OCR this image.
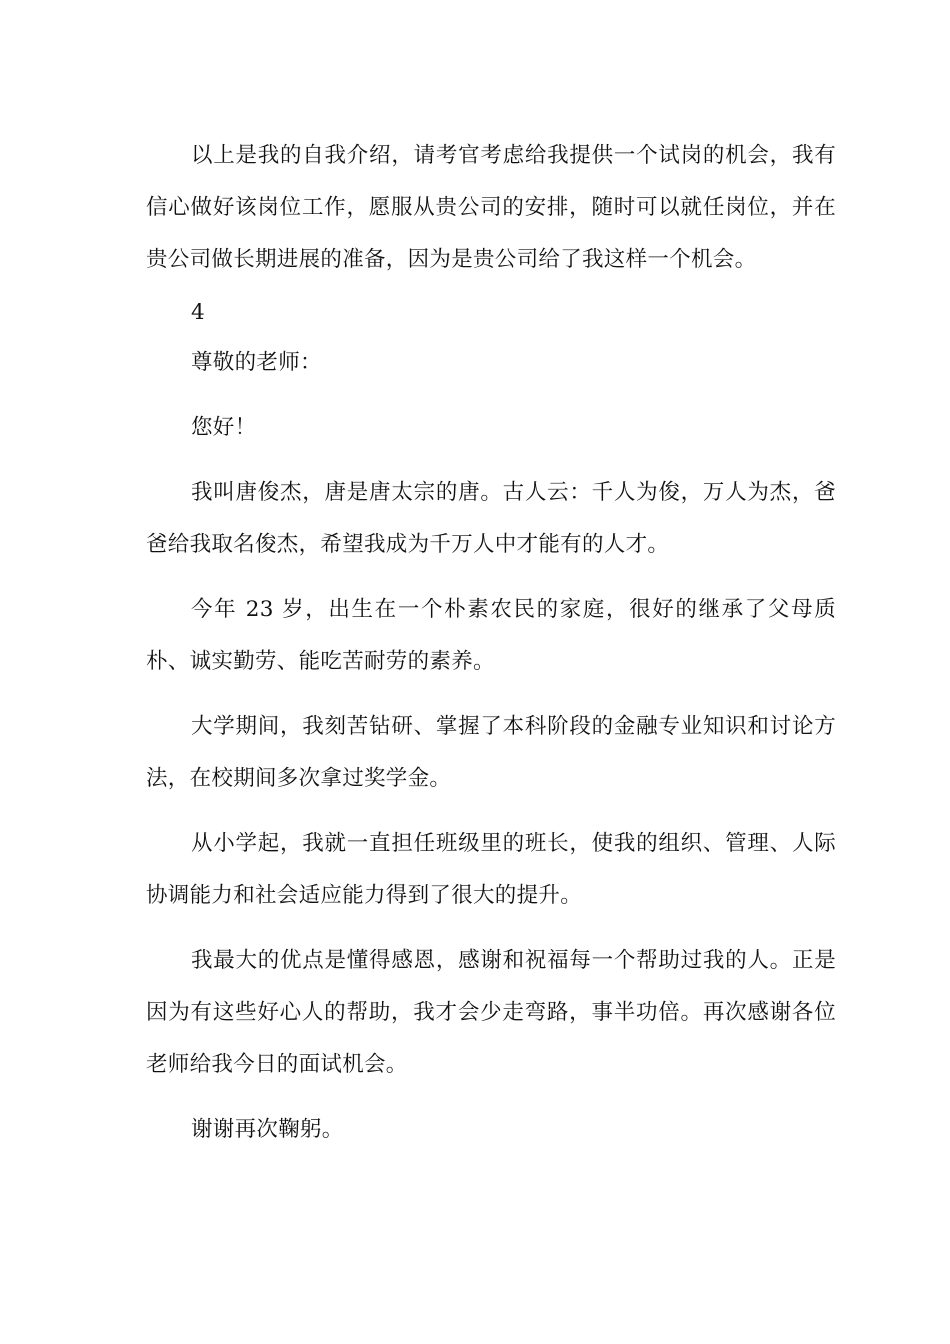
以上是我的自我介绍，请考官考虑给我提供一个试岗的机会，我有信心做好该岗位工作，愿服从贵公司的安排，随时可以就任岗位，并在贵公司做长期进展的准备，因为是贵公司给了我这样一个机会。

4

尊敬的老师：

您好！

我叫唐俊杰，唐是唐太宗的唐。古人云：千人为俊，万人为杰，爸爸给我取名俊杰，希望我成为千万人中才能有的人才。

今年 23 岁，出生在一个朴素农民的家庭，很好的继承了父母质朴、诚实勤劳、能吃苦耐劳的素养。

大学期间，我刻苦钻研、掌握了本科阶段的金融专业知识和讨论方法，在校期间多次拿过奖学金。

从小学起，我就一直担任班级里的班长，使我的组织、管理、人际协调能力和社会适应能力得到了很大的提升。

我最大的优点是懂得感恩，感谢和祝福每一个帮助过我的人。正是因为有这些好心人的帮助，我才会少走弯路，事半功倍。再次感谢各位老师给我今日的面试机会。

谢谢再次鞠躬。
